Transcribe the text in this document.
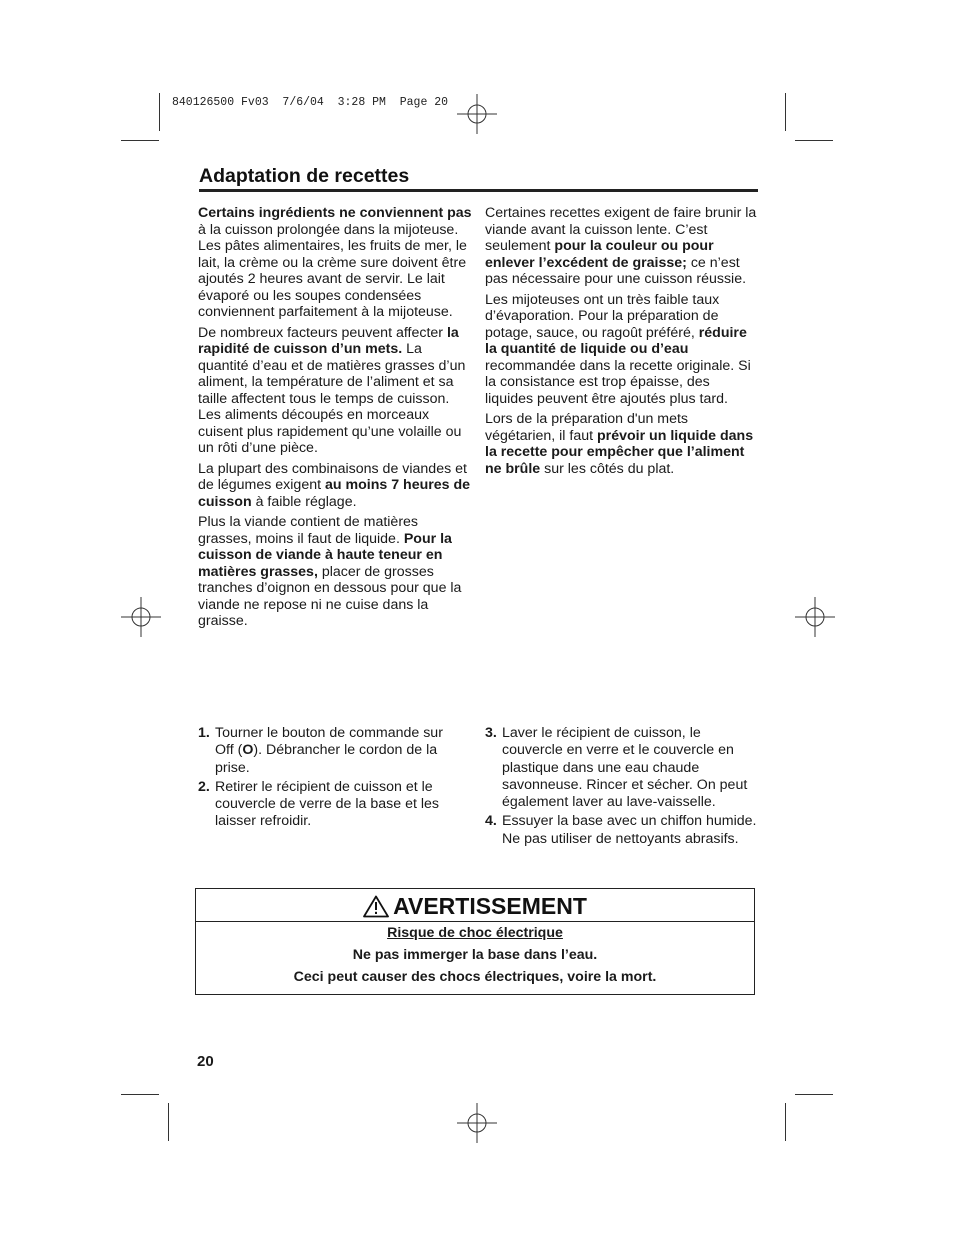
840126500 Fv03  7/6/04  3:28 PM  Page 20
Adaptation de recettes

Certains ingrédients ne conviennent pas à la cuisson prolongée dans la mijoteuse. Les pâtes alimentaires, les fruits de mer, le lait, la crème ou la crème sure doivent être ajoutés 2 heures avant de servir. Le lait évaporé ou les soupes condensées conviennent parfaitement à la mijoteuse.

De nombreux facteurs peuvent affecter la rapidité de cuisson d’un mets. La quantité d’eau et de matières grasses d’un aliment, la température de l’aliment et sa taille affectent tous le temps de cuisson. Les aliments découpés en morceaux cuisent plus rapidement qu’une volaille ou un rôti d’une pièce.

La plupart des combinaisons de viandes et de légumes exigent au moins 7 heures de cuisson à faible réglage.

Plus la viande contient de matières grasses, moins il faut de liquide. Pour la cuisson de viande à haute teneur en matières grasses, placer de grosses tranches d’oignon en dessous pour que la viande ne repose ni ne cuise dans la graisse.

Certaines recettes exigent de faire brunir la viande avant la cuisson lente. C’est seulement pour la couleur ou pour enlever l’excédent de graisse; ce n’est pas nécessaire pour une cuisson réussie.

Les mijoteuses ont un très faible taux d’évaporation. Pour la préparation de potage, sauce, ou ragoût préféré, réduire la quantité de liquide ou d’eau recommandée dans la recette originale. Si la consistance est trop épaisse, des liquides peuvent être ajoutés plus tard.

Lors de la préparation d'un mets végétarien, il faut prévoir un liquide dans la recette pour empêcher que l’aliment ne brûle sur les côtés du plat.

1. Tourner le bouton de commande sur Off (O). Débrancher le cordon de la prise.
2. Retirer le récipient de cuisson et le couvercle de verre de la base et les laisser refroidir.
3. Laver le récipient de cuisson, le couvercle en verre et le couvercle en plastique dans une eau chaude savonneuse. Rincer et sécher. On peut également laver au lave-vaisselle.
4. Essuyer la base avec un chiffon humide. Ne pas utiliser de nettoyants abrasifs.
AVERTISSEMENT
Risque de choc électrique
Ne pas immerger la base dans l’eau.
Ceci peut causer des chocs électriques, voire la mort.
20
